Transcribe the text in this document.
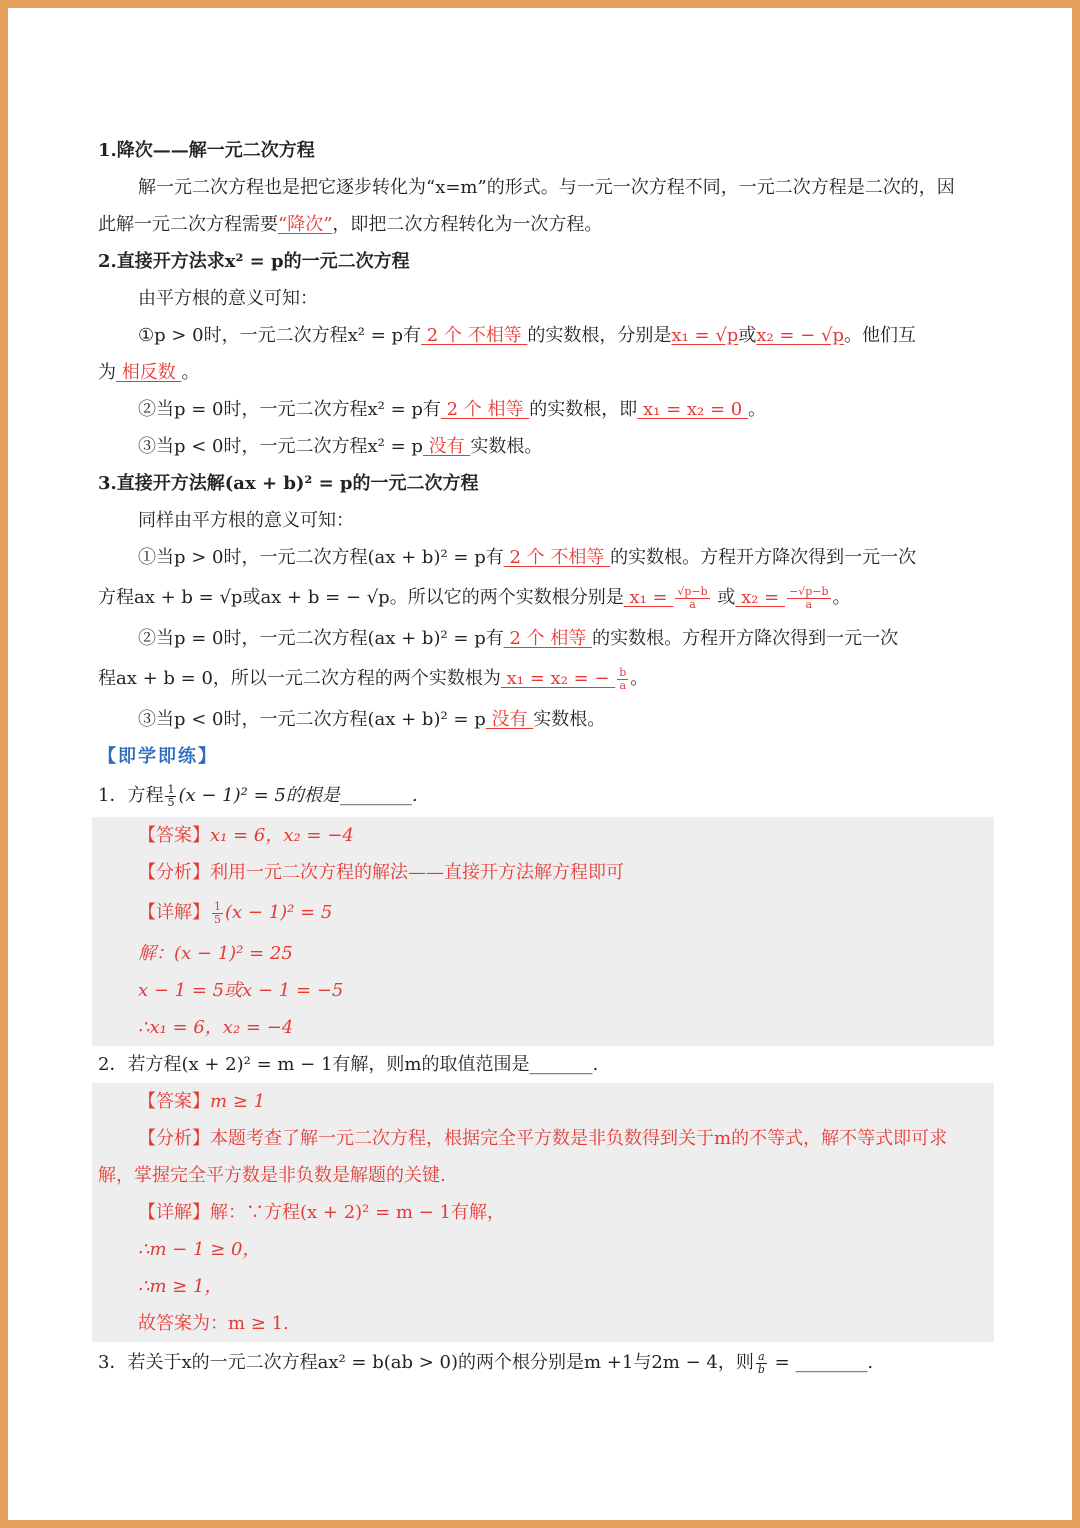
1.降次——解一元二次方程
解一元二次方程也是把它逐步转化为“x=m”的形式。与一元一次方程不同，一元二次方程是二次的，因
此解一元二次方程需要“降次”，即把二次方程转化为一次方程。
2.直接开方法求x² = p的一元二次方程
由平方根的意义可知：
①p > 0时，一元二次方程x² = p有 2 个 不相等 的实数根，分别是x₁ = √p或x₂ = − √p。他们互
为 相反数 。
②当p = 0时，一元二次方程x² = p有 2 个 相等 的实数根，即 x₁ = x₂ = 0 。
③当p < 0时，一元二次方程x² = p 没有 实数根。
3.直接开方法解(ax + b)² = p的一元二次方程
同样由平方根的意义可知：
①当p > 0时，一元二次方程(ax + b)² = p有 2 个 不相等 的实数根。方程开方降次得到一元一次
方程ax + b = √p或ax + b = − √p。所以它的两个实数根分别是 $x_1 = \frac{√p-b}{a}$ 或 $x_2 = \frac{-√p-b}{a}$ 。
②当p = 0时，一元二次方程(ax + b)² = p有 2 个 相等 的实数根。方程开方降次得到一元一次
程ax + b = 0，所以一元二次方程的两个实数根为 x₁ = x₂ = − $\frac{b}{a}$ 。
③当p < 0时，一元二次方程(ax + b)² = p 没有 实数根。
【即学即练】
1．方程 $\frac{1}{5} (x - 1)^2 = 5$的根是________.
【答案】x₁ = 6，x₂ = −4
【分析】利用一元二次方程的解法——直接开方法解方程即可
【详解】 $\frac{1}{5} (x - 1)^2 = 5$
解：(x − 1)² = 25
x − 1 = 5或x − 1 = −5
∴x₁ = 6，x₂ = −4
2．若方程(x + 2)² = m − 1有解，则m的取值范围是_______.
【答案】m ≥ 1
【分析】本题考查了解一元二次方程，根据完全平方数是非负数得到关于m的不等式，解不等式即可求
解，掌握完全平方数是非负数是解题的关键.
【详解】解：∵方程(x + 2)² = m − 1有解，
∴m − 1 ≥ 0，
∴m ≥ 1，
故答案为：m ≥ 1.
3．若关于x的一元二次方程ax² = b(ab > 0)的两个根分别是m +1与2m − 4，则 $\frac{a}{b}$ = ________.
